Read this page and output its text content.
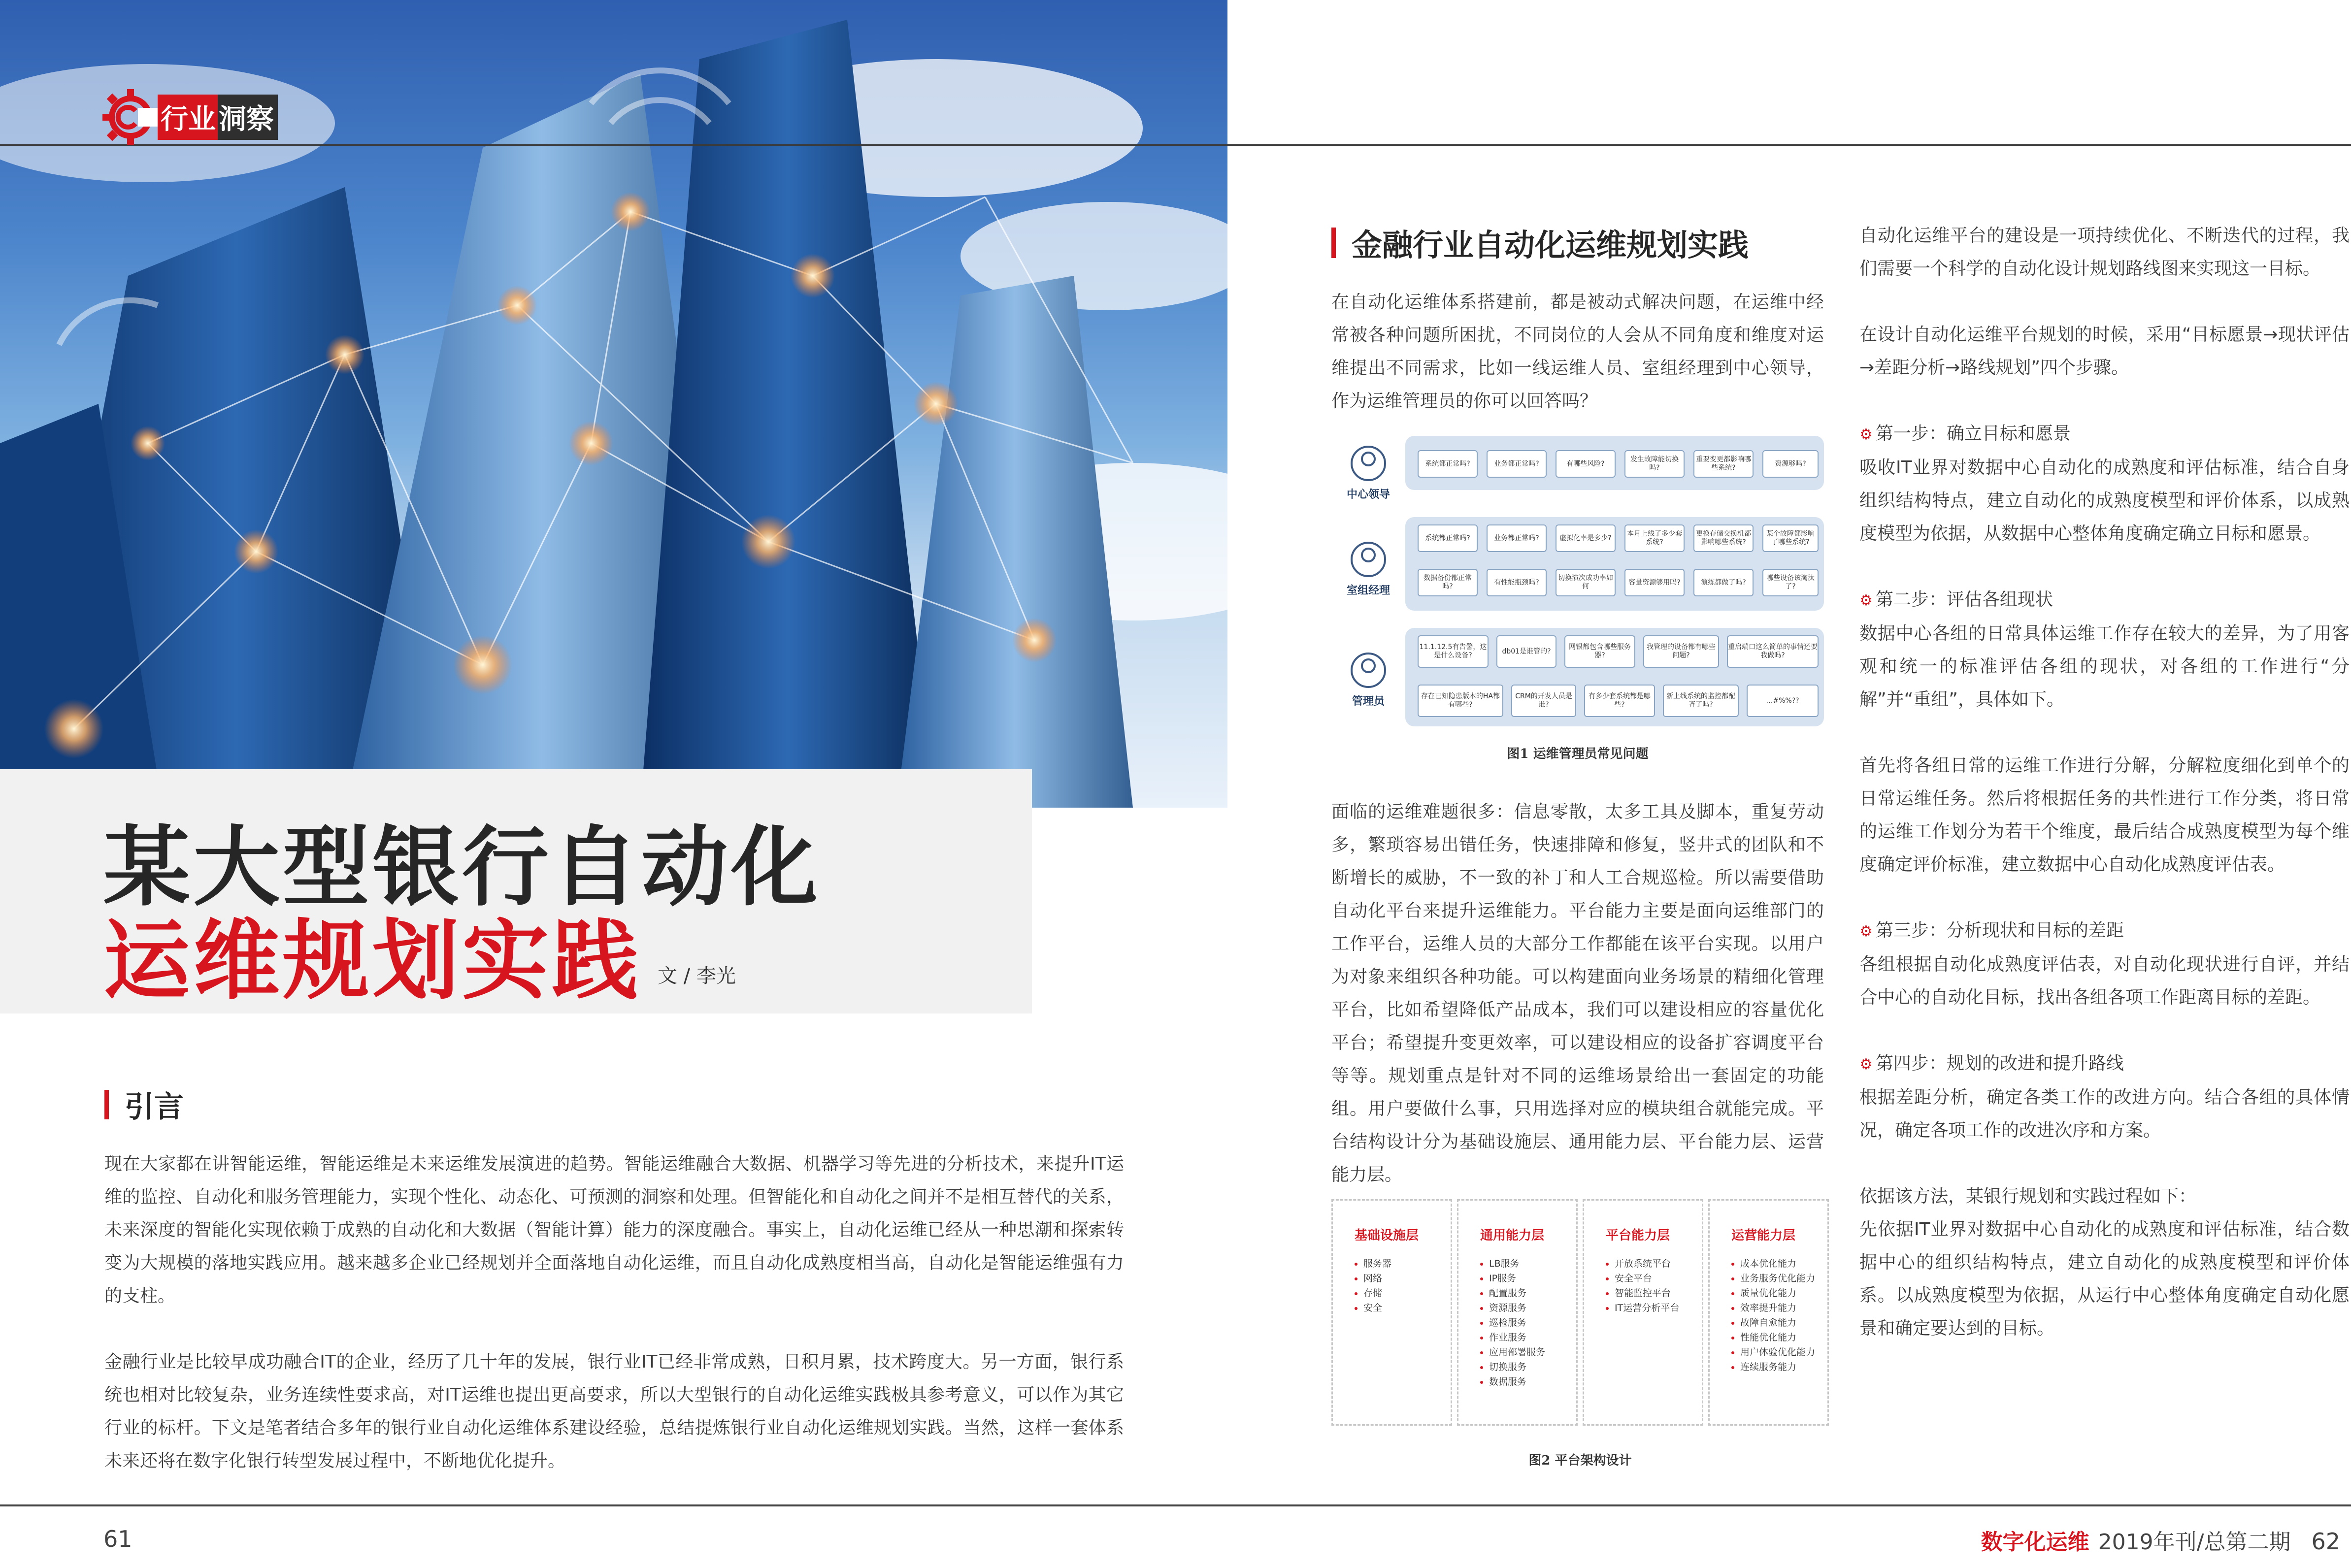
行业 洞察
某大型银行自动化
运维规划实践 文 / 李光
引言

现在大家都在讲智能运维，智能运维是未来运维发展演进的趋势。智能运维融合大数据、机器学习等先进的分析技术，来提升IT运维的监控、自动化和服务管理能力，实现个性化、动态化、可预测的洞察和处理。但智能化和自动化之间并不是相互替代的关系，未来深度的智能化实现依赖于成熟的自动化和大数据（智能计算）能力的深度融合。事实上，自动化运维已经从一种思潮和探索转变为大规模的落地实践应用。越来越多企业已经规划并全面落地自动化运维，而且自动化成熟度相当高，自动化是智能运维强有力的支柱。

金融行业是比较早成功融合IT的企业，经历了几十年的发展，银行业IT已经非常成熟，日积月累，技术跨度大。另一方面，银行系统也相对比较复杂，业务连续性要求高，对IT运维也提出更高要求，所以大型银行的自动化运维实践极具参考意义，可以作为其它行业的标杆。下文是笔者结合多年的银行业自动化运维体系建设经验，总结提炼银行业自动化运维规划实践。当然，这样一套体系未来还将在数字化银行转型发展过程中，不断地优化提升。

金融行业自动化运维规划实践

在自动化运维体系搭建前，都是被动式解决问题，在运维中经常被各种问题所困扰，不同岗位的人会从不同角度和维度对运维提出不同需求，比如一线运维人员、室组经理到中心领导，作为运维管理员的你可以回答吗？

中心领导
室组经理
管理员
系统都正常吗?	业务都正常吗?	有哪些风险?
发生故障能切换吗?
重要变更都影响哪些系统?
资源够吗?
系统都正常吗?	业务都正常吗?	虚拟化率是多少?
本月上线了多少套系统?
更换存储交换机都影响哪些系统?
某个故障都影响了哪些系统?
数据备份都正常吗?
有性能瓶颈吗?
切换演次成功率如何
容量资源够用吗?	演练都做了吗?
哪些设备该淘汰了?
11.1.12.5有告警，这是什么设备?
db01是谁管的?
网银都包含哪些服务器?
我管理的设备都有哪些问题?
重启端口这么简单的事情还要我做吗?
存在已知隐患版本的HA都有哪些?
CRM的开发人员是谁?
有多少套系统都是哪些?
新上线系统的监控都配齐了吗?
…#%%??
图1 运维管理员常见问题

面临的运维难题很多：信息零散，太多工具及脚本，重复劳动多，繁琐容易出错任务，快速排障和修复，竖井式的团队和不断增长的威胁，不一致的补丁和人工合规巡检。所以需要借助自动化平台来提升运维能力。平台能力主要是面向运维部门的工作平台，运维人员的大部分工作都能在该平台实现。以用户为对象来组织各种功能。可以构建面向业务场景的精细化管理平台，比如希望降低产品成本，我们可以建设相应的容量优化平台；希望提升变更效率，可以建设相应的设备扩容调度平台等等。规划重点是针对不同的运维场景给出一套固定的功能组。用户要做什么事，只用选择对应的模块组合就能完成。平台结构设计分为基础设施层、通用能力层、平台能力层、运营能力层。

基础设施层
• 服务器
• 网络
• 存储
• 安全
通用能力层
• LB服务
• IP服务
• 配置服务
• 资源服务
• 巡检服务
• 作业服务
• 应用部署服务
• 切换服务
• 数据服务
平台能力层
• 开放系统平台
• 安全平台
• 智能监控平台
• IT运营分析平台
运营能力层
• 成本优化能力
• 业务服务优化能力
• 质量优化能力
• 效率提升能力
• 故障自愈能力
• 性能优化能力
• 用户体验优化能力
• 连续服务能力
图2 平台架构设计

自动化运维平台的建设是一项持续优化、不断迭代的过程，我们需要一个科学的自动化设计规划路线图来实现这一目标。

在设计自动化运维平台规划的时候，采用“目标愿景→现状评估→差距分析→路线规划”四个步骤。

⚙ 第一步：确立目标和愿景
吸收IT业界对数据中心自动化的成熟度和评估标准，结合自身组织结构特点，建立自动化的成熟度模型和评价体系，以成熟度模型为依据，从数据中心整体角度确定确立目标和愿景。

⚙ 第二步：评估各组现状
数据中心各组的日常具体运维工作存在较大的差异，为了用客观和统一的标准评估各组的现状，对各组的工作进行“分解”并“重组”，具体如下。

首先将各组日常的运维工作进行分解，分解粒度细化到单个的日常运维任务。然后将根据任务的共性进行工作分类，将日常的运维工作划分为若干个维度，最后结合成熟度模型为每个维度确定评价标准，建立数据中心自动化成熟度评估表。

⚙ 第三步：分析现状和目标的差距
各组根据自动化成熟度评估表，对自动化现状进行自评，并结合中心的自动化目标，找出各组各项工作距离目标的差距。

⚙ 第四步：规划的改进和提升路线
根据差距分析，确定各类工作的改进方向。结合各组的具体情况，确定各项工作的改进次序和方案。

依据该方法，某银行规划和实践过程如下：
先依据IT业界对数据中心自动化的成熟度和评估标准，结合数据中心的组织结构特点，建立自动化的成熟度模型和评价体系。以成熟度模型为依据，从运行中心整体角度确定自动化愿景和确定要达到的目标。

61	数字化运维 2019年刊/总第二期 62
